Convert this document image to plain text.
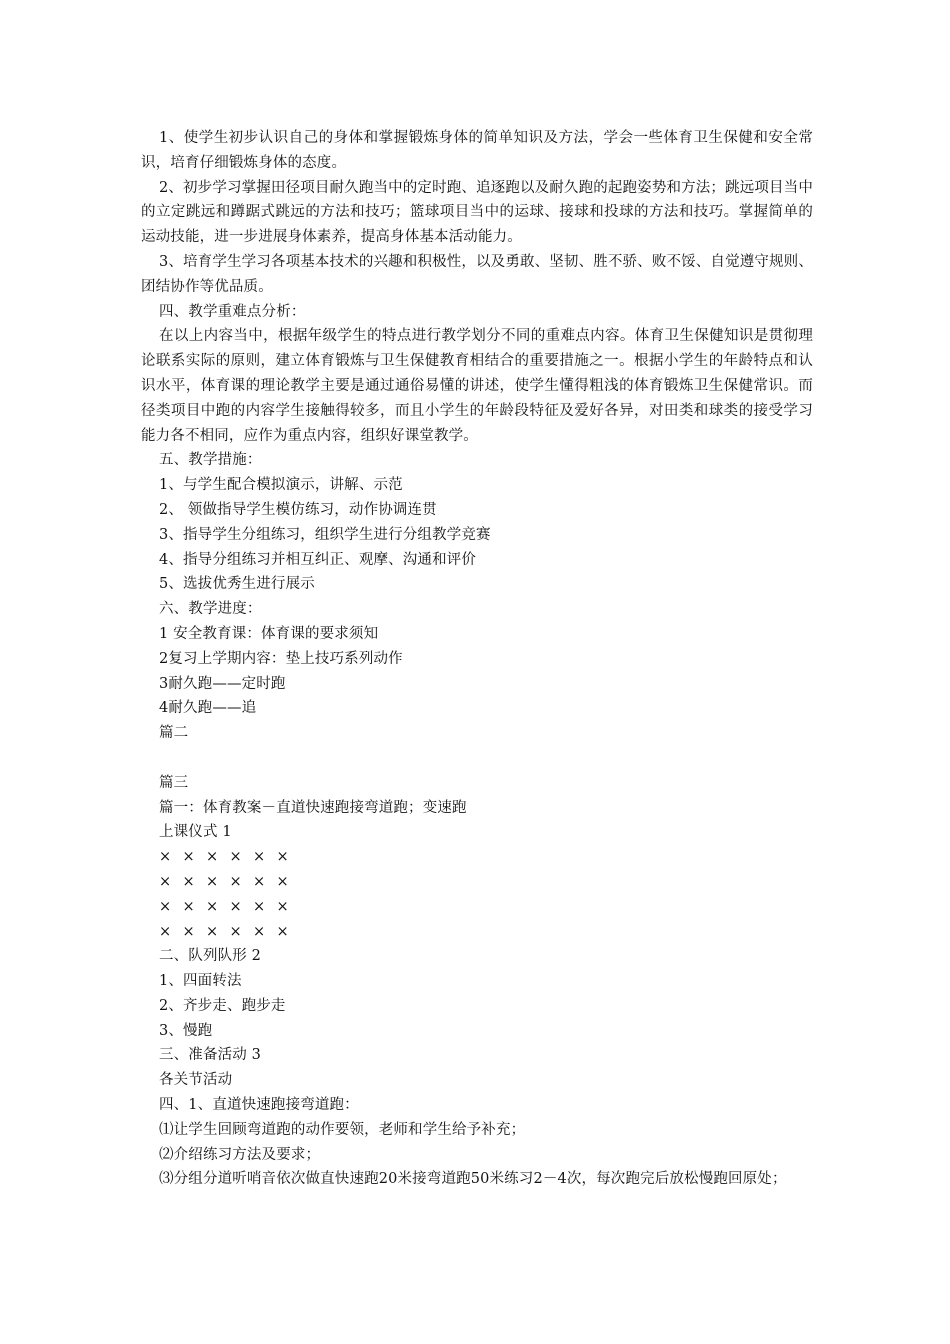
1、使学生初步认识自己的身体和掌握锻炼身体的简单知识及方法，学会一些体育卫生保健和安全常识，培育仔细锻炼身体的态度。
2、初步学习掌握田径项目耐久跑当中的定时跑、追逐跑以及耐久跑的起跑姿势和方法；跳远项目当中的立定跳远和蹲踞式跳远的方法和技巧；篮球项目当中的运球、接球和投球的方法和技巧。掌握简单的运动技能，进一步进展身体素养，提高身体基本活动能力。
3、培育学生学习各项基本技术的兴趣和积极性，以及勇敢、坚韧、胜不骄、败不馁、自觉遵守规则、团结协作等优品质。
四、教学重难点分析：
在以上内容当中，根据年级学生的特点进行教学划分不同的重难点内容。体育卫生保健知识是贯彻理论联系实际的原则，建立体育锻炼与卫生保健教育相结合的重要措施之一。根据小学生的年龄特点和认识水平，体育课的理论教学主要是通过通俗易懂的讲述，使学生懂得粗浅的体育锻炼卫生保健常识。而径类项目中跑的内容学生接触得较多，而且小学生的年龄段特征及爱好各异，对田类和球类的接受学习能力各不相同，应作为重点内容，组织好课堂教学。
五、教学措施：
1、与学生配合模拟演示，讲解、示范
2、 领做指导学生模仿练习，动作协调连贯
3、指导学生分组练习，组织学生进行分组教学竞赛
4、指导分组练习并相互纠正、观摩、沟通和评价
5、选拔优秀生进行展示
六、教学进度：
1 安全教育课：体育课的要求须知
2复习上学期内容：垫上技巧系列动作
3耐久跑——定时跑
4耐久跑——追
篇二
篇三
篇一：体育教案－直道快速跑接弯道跑；变速跑
上课仪式 1
× × × × × ×
× × × × × ×
× × × × × ×
× × × × × ×
二、队列队形 2
1、四面转法
2、齐步走、跑步走
3、慢跑
三、准备活动 3
各关节活动
四、1、直道快速跑接弯道跑：
⑴让学生回顾弯道跑的动作要领，老师和学生给予补充；
⑵介绍练习方法及要求；
⑶分组分道听哨音依次做直快速跑20米接弯道跑50米练习2－4次，每次跑完后放松慢跑回原处；
